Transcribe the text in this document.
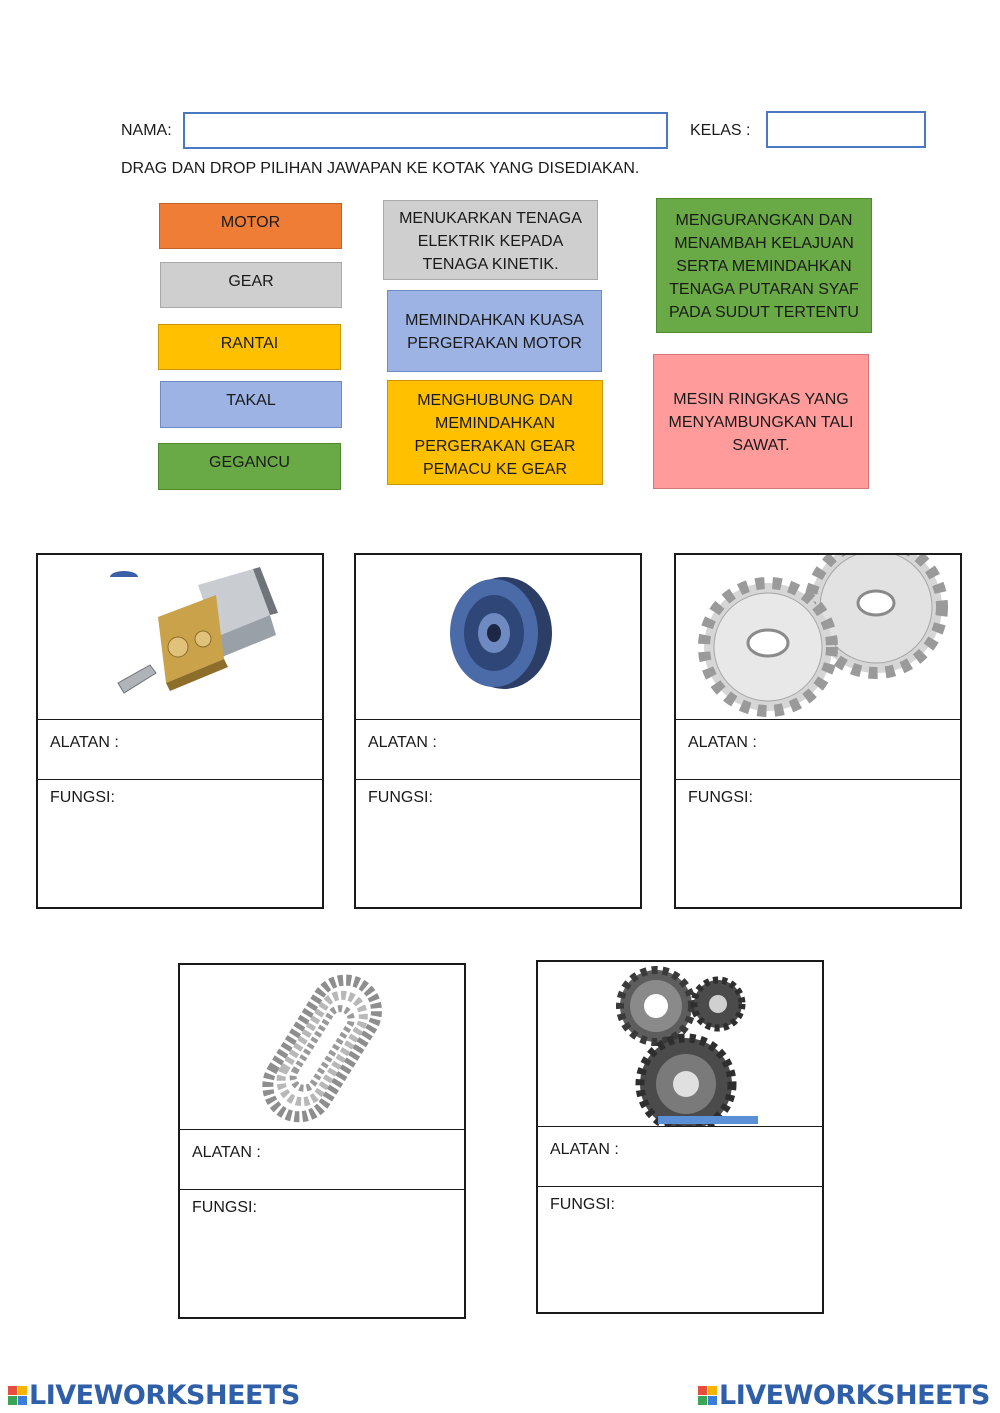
NAMA:	KELAS :
DRAG DAN DROP PILIHAN JAWAPAN KE KOTAK YANG DISEDIAKAN.
MOTOR
GEAR
RANTAI
TAKAL
GEGANCU
MENUKARKAN TENAGA ELEKTRIK KEPADA TENAGA KINETIK.
MEMINDAHKAN KUASA PERGERAKAN MOTOR
MENGHUBUNG DAN MEMINDAHKAN PERGERAKAN GEAR PEMACU KE GEAR
MENGURANGKAN DAN MENAMBAH KELAJUAN SERTA MEMINDAHKAN TENAGA PUTARAN SYAF PADA SUDUT TERTENTU
MESIN RINGKAS YANG MENYAMBUNGKAN TALI SAWAT.
ALATAN :
FUNGSI:
ALATAN :
FUNGSI:
ALATAN :
FUNGSI:
ALATAN :
FUNGSI:
ALATAN :
FUNGSI:
LIVEWORKSHEETS	LIVEWORKSHEETS
